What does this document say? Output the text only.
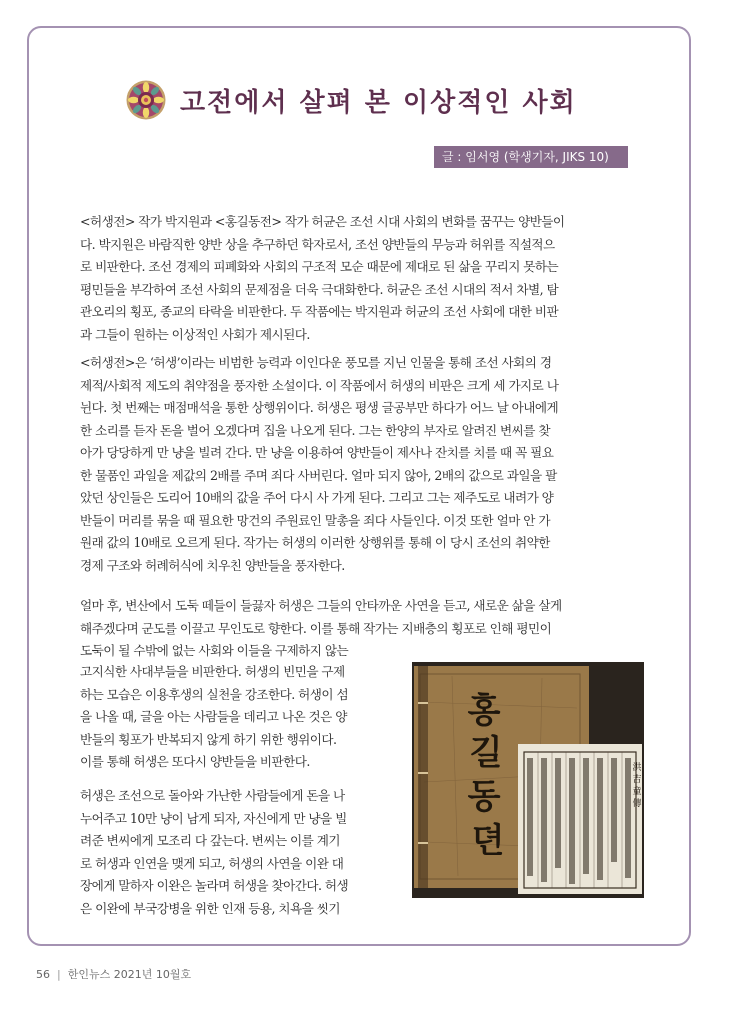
고전에서 살펴 본 이상적인 사회
글 : 임서영 (학생기자, JIKS 10)
<허생전> 작가 박지원과 <홍길동전> 작가 허균은 조선 시대 사회의 변화를 꿈꾸는 양반들이
다. 박지원은 바람직한 양반 상을 추구하던 학자로서, 조선 양반들의 무능과 허위를 직설적으
로 비판한다. 조선 경제의 피폐화와 사회의 구조적 모순 때문에 제대로 된 삶을 꾸리지 못하는
평민들을 부각하여 조선 사회의 문제점을 더욱 극대화한다. 허균은 조선 시대의 적서 차별, 탐
관오리의 횡포, 종교의 타락을 비판한다. 두 작품에는 박지원과 허균의 조선 사회에 대한 비판
과 그들이 원하는 이상적인 사회가 제시된다.
<허생전>은 ‘허생’이라는 비범한 능력과 이인다운 풍모를 지닌 인물을 통해 조선 사회의 경
제적/사회적 제도의 취약점을 풍자한 소설이다. 이 작품에서 허생의 비판은 크게 세 가지로 나
뉜다. 첫 번째는 매점매석을 통한 상행위이다. 허생은 평생 글공부만 하다가 어느 날 아내에게
한 소리를 듣자 돈을 벌어 오겠다며 집을 나오게 된다. 그는 한양의 부자로 알려진 변씨를 찾
아가 당당하게 만 냥을 빌려 간다. 만 냥을 이용하여 양반들이 제사나 잔치를 치를 때 꼭 필요
한 물품인 과일을 제값의 2배를 주며 죄다 사버린다. 얼마 되지 않아, 2배의 값으로 과일을 팔
았던 상인들은 도리어 10배의 값을 주어 다시 사 가게 된다. 그리고 그는 제주도로 내려가 양
반들이 머리를 묶을 때 필요한 망건의 주원료인 말총을 죄다 사들인다. 이것 또한 얼마 안 가
원래 값의 10배로 오르게 된다. 작가는 허생의 이러한 상행위를 통해 이 당시 조선의 취약한
경제 구조와 허례허식에 치우친 양반들을 풍자한다.
얼마 후, 변산에서 도둑 떼들이 들끓자 허생은 그들의 안타까운 사연을 듣고, 새로운 삶을 살게
해주겠다며 군도를 이끌고 무인도로 향한다. 이를 통해 작가는 지배층의 횡포로 인해 평민이
도둑이 될 수밖에 없는 사회와 이들을 구제하지 않는
고지식한 사대부들을 비판한다. 허생의 빈민을 구제
하는 모습은 이용후생의 실천을 강조한다. 허생이 섬
을 나올 때, 글을 아는 사람들을 데리고 나온 것은 양
반들의 횡포가 반복되지 않게 하기 위한 행위이다.
이를 통해 허생은 또다시 양반들을 비판한다.
허생은 조선으로 돌아와 가난한 사람들에게 돈을 나
누어주고 10만 냥이 남게 되자, 자신에게 만 냥을 빌
려준 변씨에게 모조리 다 갚는다. 변씨는 이를 계기
로 허생과 인연을 맺게 되고, 허생의 사연을 이완 대
장에게 말하자 이완은 놀라며 허생을 찾아간다. 허생
은 이완에 부국강병을 위한 인재 등용, 치욕을 씻기
홍
길
동
뎐
洪
吉
童
傳
56 | 한인뉴스 2021년 10월호
